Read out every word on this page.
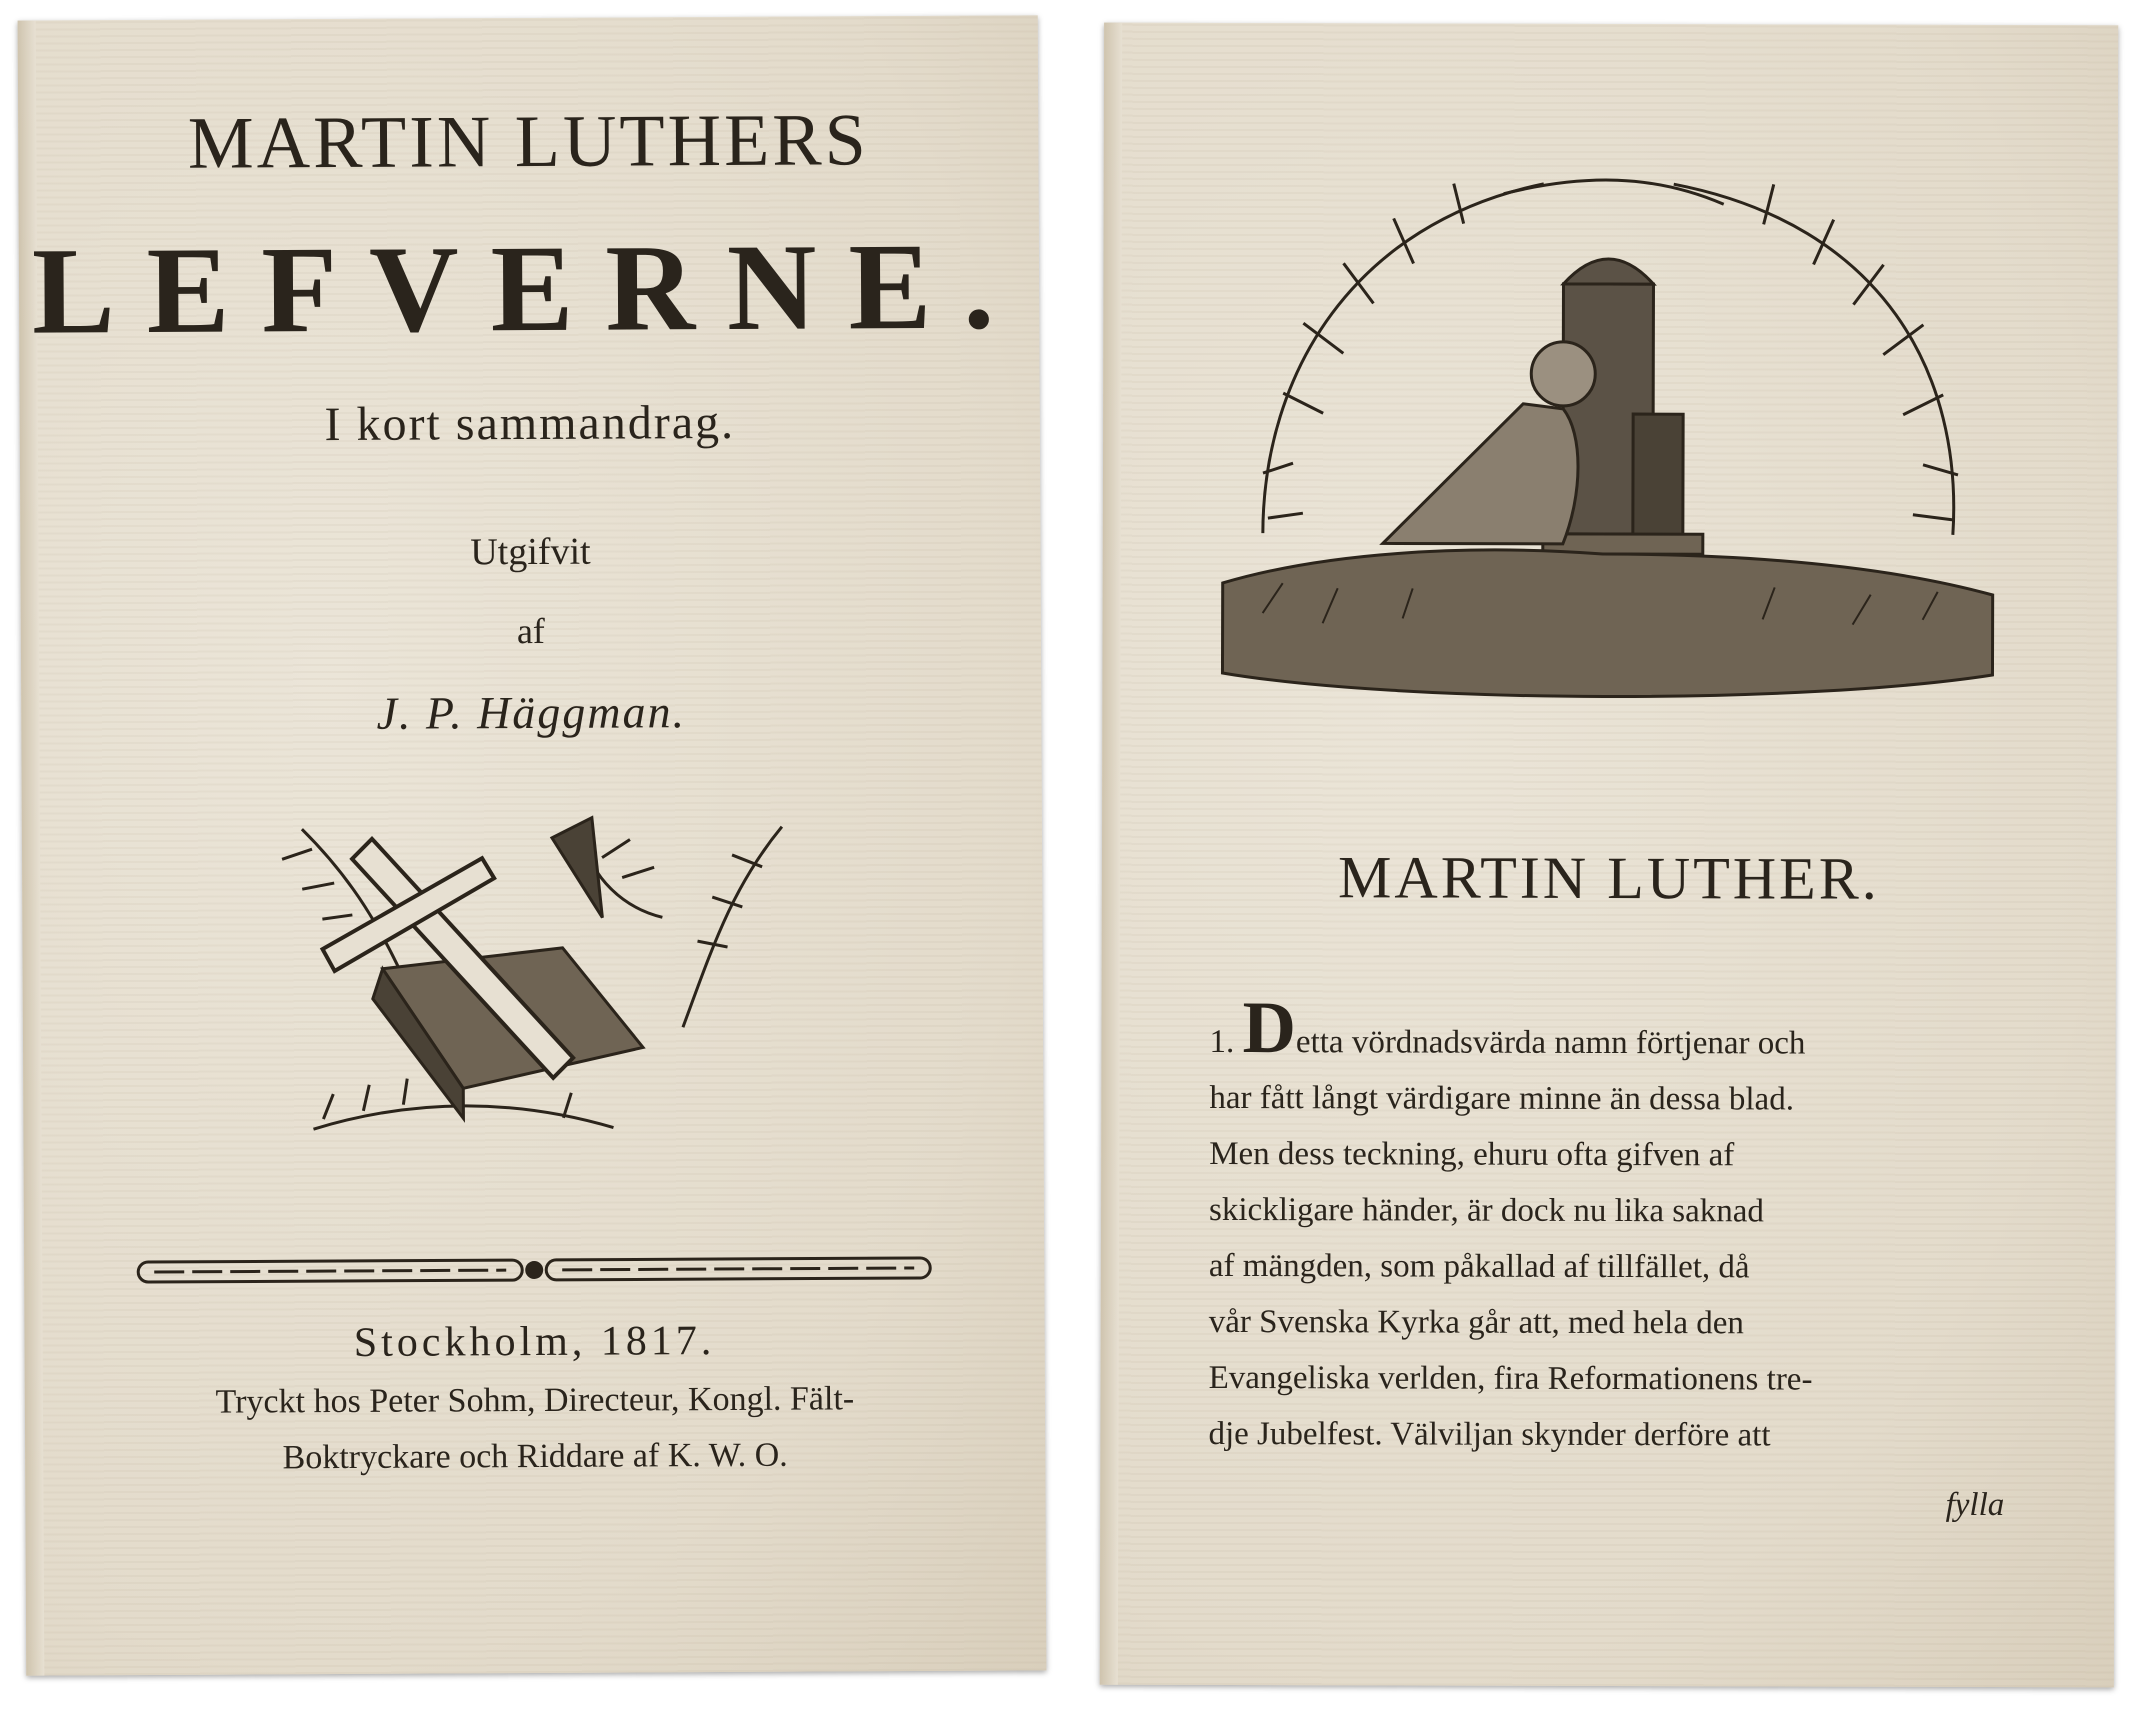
MARTIN LUTHERS
LEFVERNE.
I kort sammandrag.
Utgifvit
af
J. P. Häggman.
Stockholm, 1817.
Tryckt hos Peter Sohm, Directeur, Kongl. Fält-
Boktryckare och Riddare af K. W. O.
MARTIN LUTHER.
1. Detta vördnadsvärda namn förtjenar och
har fått långt värdigare minne än dessa blad.
Men dess teckning, ehuru ofta gifven af
skickligare händer, är dock nu lika saknad
af mängden, som påkallad af tillfället, då
vår Svenska Kyrka går att, med hela den
Evangeliska verlden, fira Reformationens tre-
dje Jubelfest. Välviljan skynder derföre att
fylla
